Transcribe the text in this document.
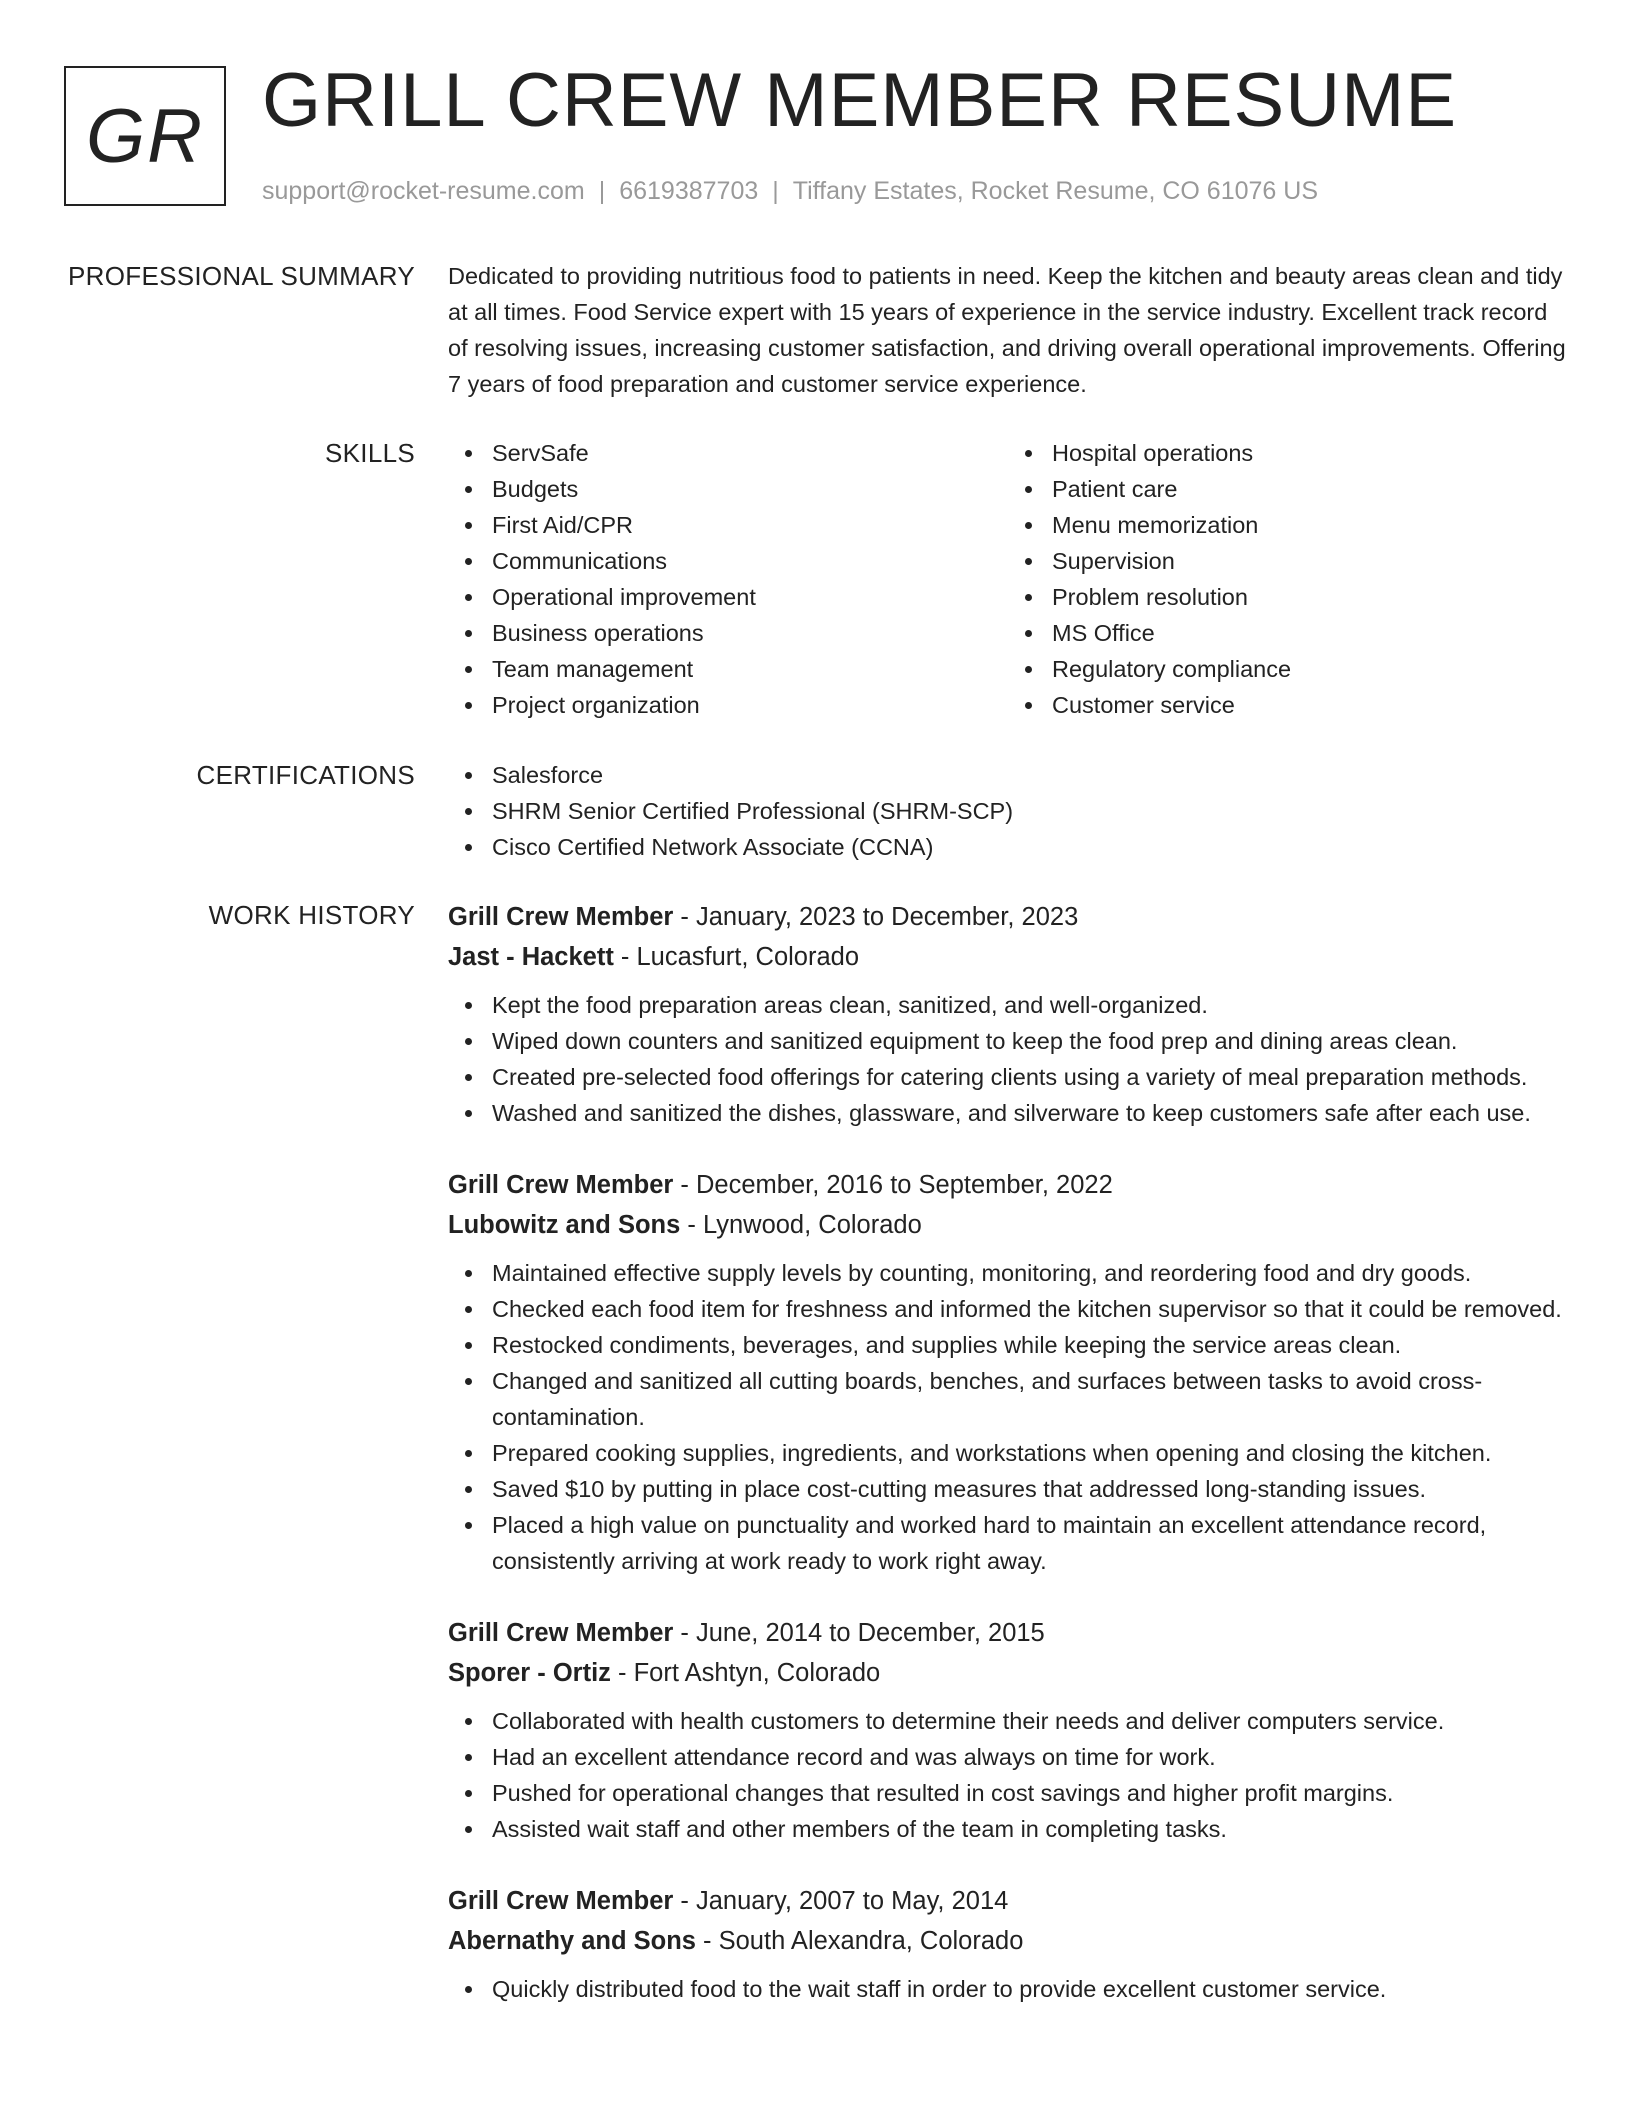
GR GRILL CREW MEMBER RESUME
support@rocket-resume.com | 6619387703 | Tiffany Estates, Rocket Resume, CO 61076 US
PROFESSIONAL SUMMARY Dedicated to providing nutritious food to patients in need. Keep the kitchen and beauty areas clean and tidy at all times. Food Service expert with 15 years of experience in the service industry. Excellent track record of resolving issues, increasing customer satisfaction, and driving overall operational improvements. Offering 7 years of food preparation and customer service experience.
SKILLS	ServSafe
Budgets
First Aid/CPR
Communications
Operational improvement
Business operations
Team management
Project organization
Hospital operations
Patient care
Menu memorization
Supervision
Problem resolution
MS Office
Regulatory compliance
Customer service
CERTIFICATIONS	Salesforce
SHRM Senior Certified Professional (SHRM-SCP)
Cisco Certified Network Associate (CCNA)
WORK HISTORY Grill Crew Member - January, 2023 to December, 2023
Jast - Hackett - Lucasfurt, Colorado
Kept the food preparation areas clean, sanitized, and well-organized.
Wiped down counters and sanitized equipment to keep the food prep and dining areas clean.
Created pre-selected food offerings for catering clients using a variety of meal preparation methods.
Washed and sanitized the dishes, glassware, and silverware to keep customers safe after each use.
Grill Crew Member - December, 2016 to September, 2022
Lubowitz and Sons - Lynwood, Colorado
Maintained effective supply levels by counting, monitoring, and reordering food and dry goods.
Checked each food item for freshness and informed the kitchen supervisor so that it could be removed.
Restocked condiments, beverages, and supplies while keeping the service areas clean.
Changed and sanitized all cutting boards, benches, and surfaces between tasks to avoid cross-contamination.
Prepared cooking supplies, ingredients, and workstations when opening and closing the kitchen.
Saved $10 by putting in place cost-cutting measures that addressed long-standing issues.
Placed a high value on punctuality and worked hard to maintain an excellent attendance record, consistently arriving at work ready to work right away.
Grill Crew Member - June, 2014 to December, 2015
Sporer - Ortiz - Fort Ashtyn, Colorado
Collaborated with health customers to determine their needs and deliver computers service.
Had an excellent attendance record and was always on time for work.
Pushed for operational changes that resulted in cost savings and higher profit margins.
Assisted wait staff and other members of the team in completing tasks.
Grill Crew Member - January, 2007 to May, 2014
Abernathy and Sons - South Alexandra, Colorado
Quickly distributed food to the wait staff in order to provide excellent customer service.
